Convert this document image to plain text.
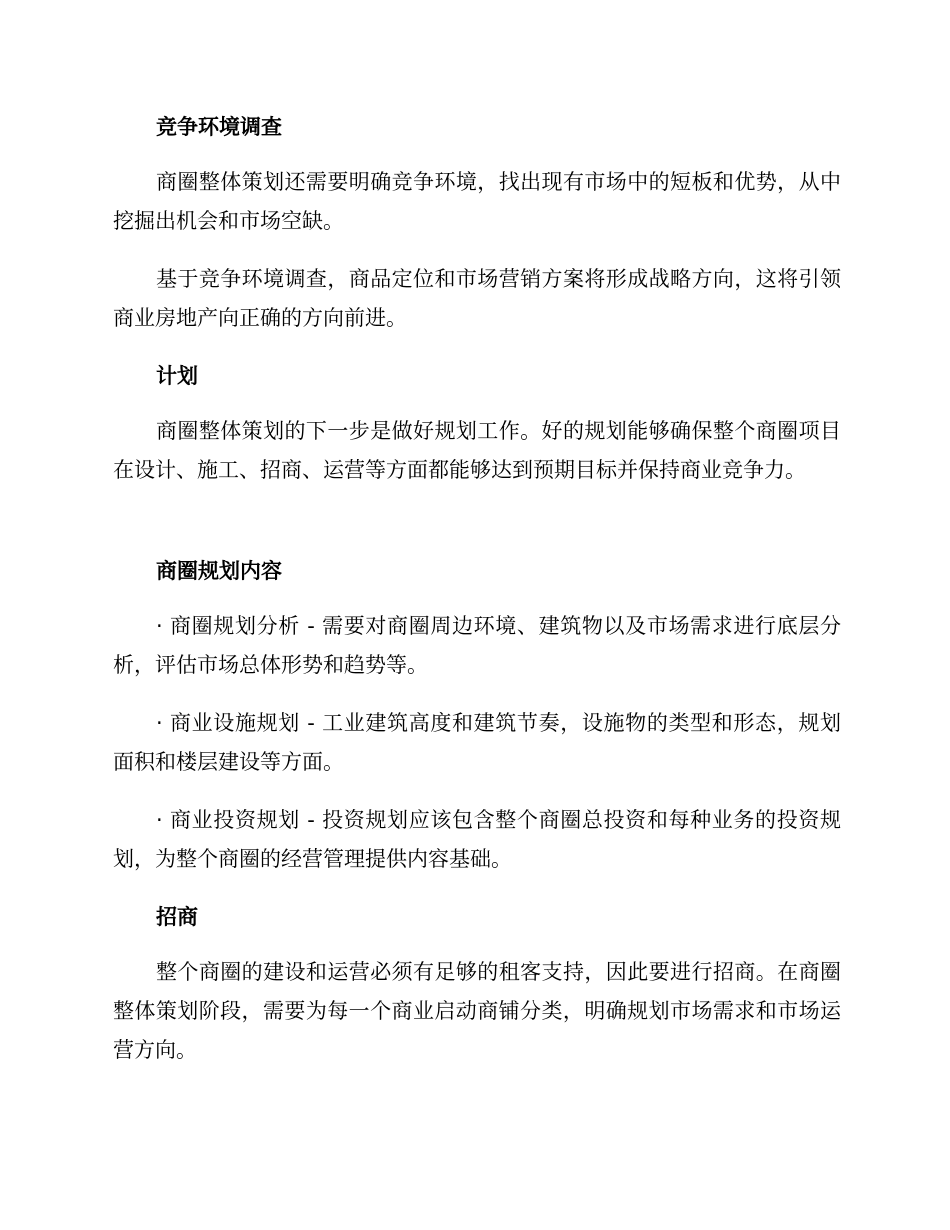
竞争环境调查

商圈整体策划还需要明确竞争环境，找出现有市场中的短板和优势，从中挖掘出机会和市场空缺。

基于竞争环境调查，商品定位和市场营销方案将形成战略方向，这将引领商业房地产向正确的方向前进。

计划

商圈整体策划的下一步是做好规划工作。好的规划能够确保整个商圈项目在设计、施工、招商、运营等方面都能够达到预期目标并保持商业竞争力。

商圈规划内容

· 商圈规划分析 - 需要对商圈周边环境、建筑物以及市场需求进行底层分析，评估市场总体形势和趋势等。

· 商业设施规划 - 工业建筑高度和建筑节奏，设施物的类型和形态，规划面积和楼层建设等方面。

· 商业投资规划 - 投资规划应该包含整个商圈总投资和每种业务的投资规划，为整个商圈的经营管理提供内容基础。

招商

整个商圈的建设和运营必须有足够的租客支持，因此要进行招商。在商圈整体策划阶段，需要为每一个商业启动商铺分类，明确规划市场需求和市场运营方向。
